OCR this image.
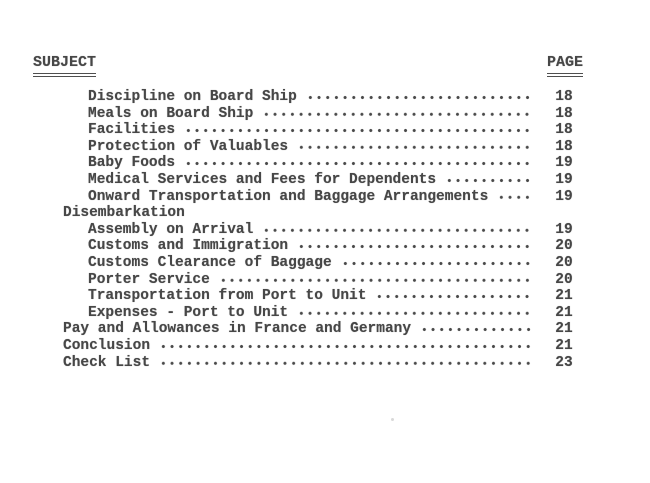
SUBJECT	PAGE
Discipline on Board Ship	18
Meals on Board Ship	18
Facilities	18
Protection of Valuables	18
Baby Foods	19
Medical Services and Fees for Dependents	19
Onward Transportation and Baggage Arrangements	19
Disembarkation
Assembly on Arrival	19
Customs and Immigration	20
Customs Clearance of Baggage	20
Porter Service	20
Transportation from Port to Unit	21
Expenses - Port to Unit	21
Pay and Allowances in France and Germany	21
Conclusion	21
Check List	23
